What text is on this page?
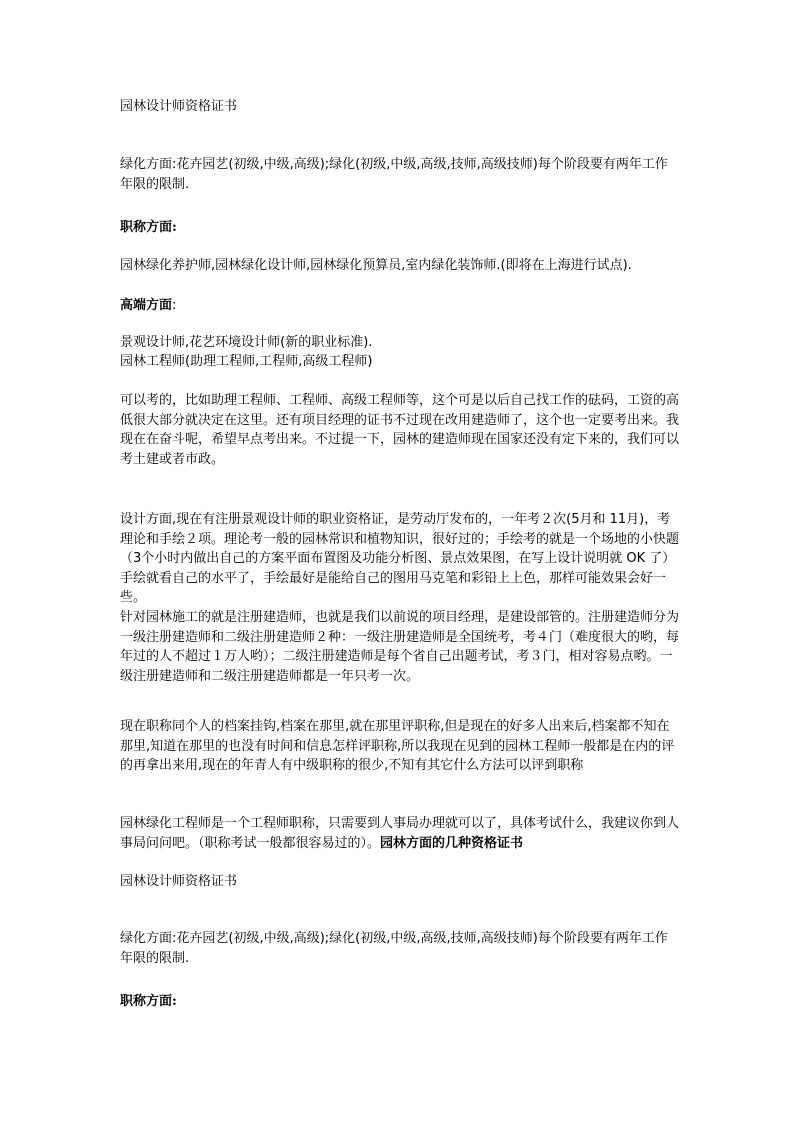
园林设计师资格证书
绿化方面:花卉园艺(初级,中级,高级);绿化(初级,中级,高级,技师,高级技师)每个阶段要有两年工作年限的限制.
职称方面:
园林绿化养护师,园林绿化设计师,园林绿化预算员,室内绿化装饰师.(即将在上海进行试点).
高端方面:
景观设计师,花艺环境设计师(新的职业标准).
园林工程师(助理工程师,工程师,高级工程师)
可以考的，比如助理工程师、工程师、高级工程师等，这个可是以后自己找工作的砝码，工资的高低很大部分就决定在这里。还有项目经理的证书不过现在改用建造师了，这个也一定要考出来。我现在在奋斗呢，希望早点考出来。不过提一下，园林的建造师现在国家还没有定下来的，我们可以考土建或者市政。
设计方面,现在有注册景观设计师的职业资格证，是劳动厅发布的，一年考２次(5月和 11月)，考理论和手绘２项。理论考一般的园林常识和植物知识，很好过的；手绘考的就是一个场地的小快题（3个小时内做出自己的方案平面布置图及功能分析图、景点效果图，在写上设计说明就 OK 了）手绘就看自己的水平了，手绘最好是能给自己的图用马克笔和彩铅上上色，那样可能效果会好一些。
针对园林施工的就是注册建造师，也就是我们以前说的项目经理，是建设部管的。注册建造师分为一级注册建造师和二级注册建造师２种：一级注册建造师是全国统考，考４门（难度很大的哟，每年过的人不超过１万人哟）；二级注册建造师是每个省自己出题考试，考３门，相对容易点哟。一级注册建造师和二级注册建造师都是一年只考一次。
现在职称同个人的档案挂钩,档案在那里,就在那里评职称,但是现在的好多人出来后,档案都不知在那里,知道在那里的也没有时间和信息怎样评职称,所以我现在见到的园林工程师一般都是在内的评的再拿出来用,现在的年青人有中级职称的很少,不知有其它什么方法可以评到职称
园林绿化工程师是一个工程师职称，只需要到人事局办理就可以了，具体考试什么，我建议你到人事局问问吧。（职称考试一般都很容易过的）。园林方面的几种资格证书
园林设计师资格证书
绿化方面:花卉园艺(初级,中级,高级);绿化(初级,中级,高级,技师,高级技师)每个阶段要有两年工作年限的限制.
职称方面:
